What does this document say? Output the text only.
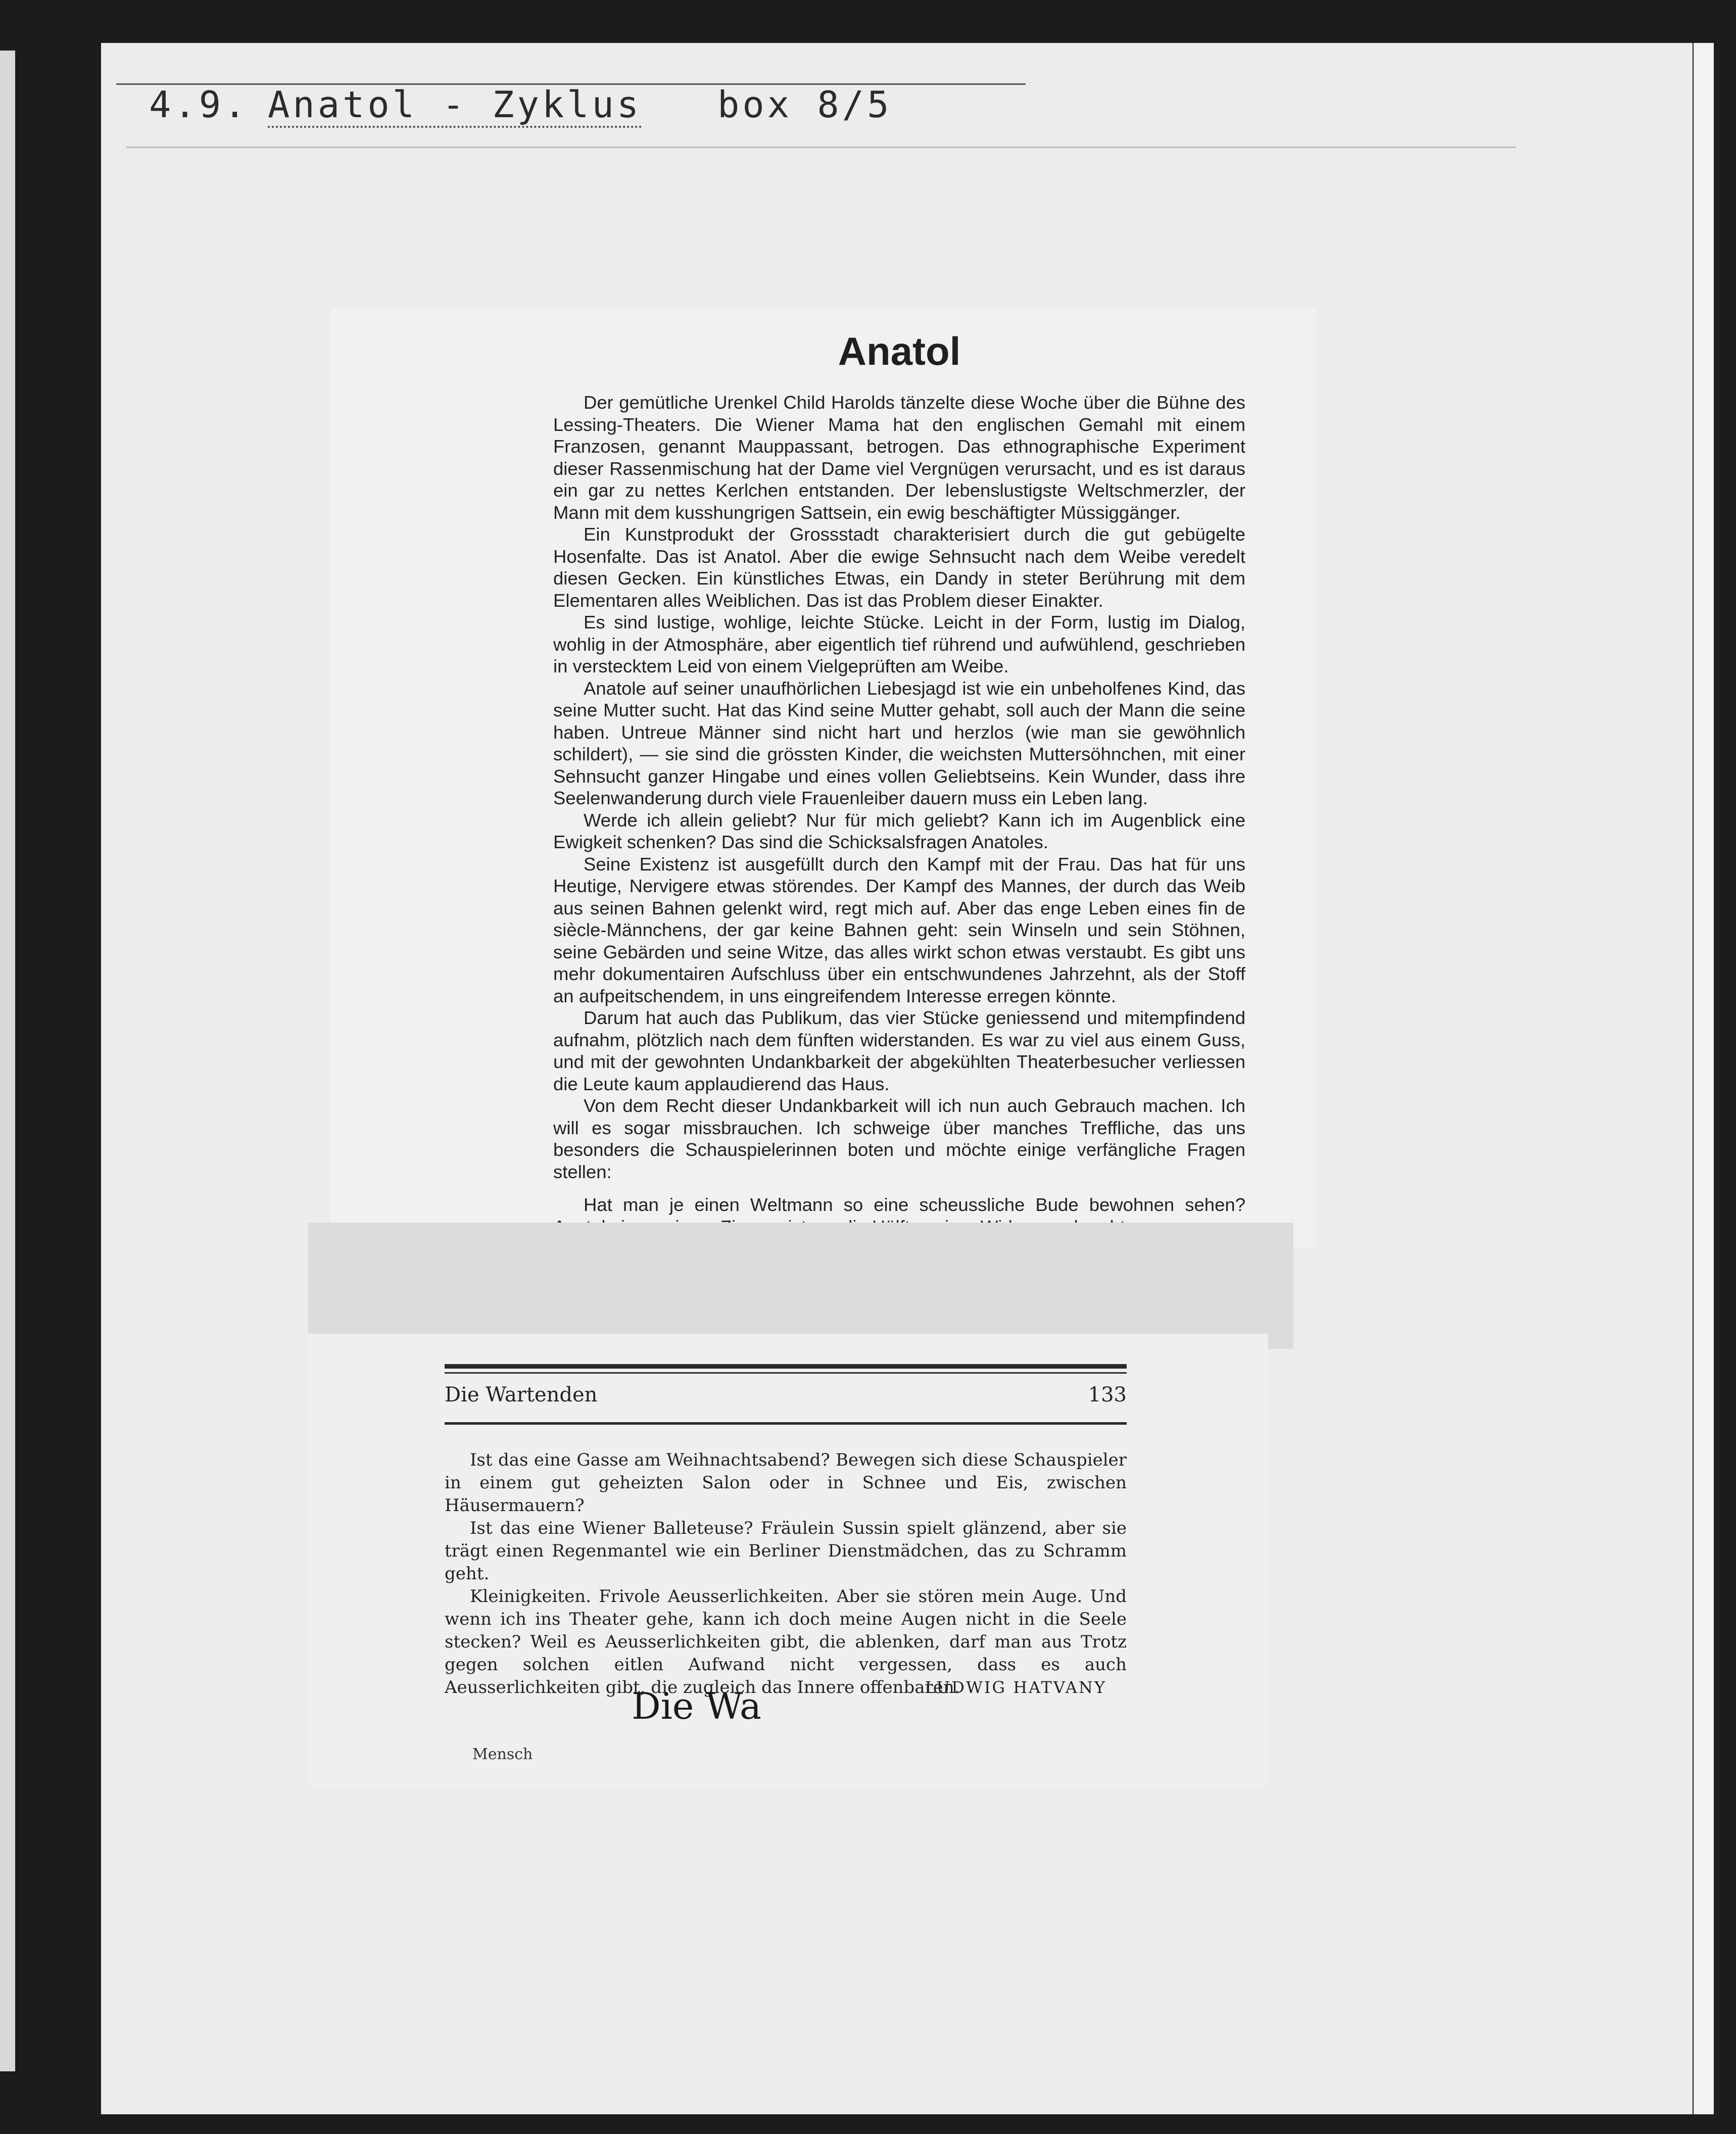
4.9. Anatol - Zyklus box 8/5
Anatol

Der gemütliche Urenkel Child Harolds tänzelte diese Woche über die Bühne des Lessing-Theaters. Die Wiener Mama hat den englischen Gemahl mit einem Franzosen, genannt Mauppassant, betrogen. Das ethnographische Experiment dieser Rassenmischung hat der Dame viel Vergnügen verursacht, und es ist daraus ein gar zu nettes Kerlchen entstanden. Der lebenslustigste Weltschmerzler, der Mann mit dem kusshungrigen Sattsein, ein ewig beschäftigter Müssiggänger.

Ein Kunstprodukt der Grossstadt charakterisiert durch die gut gebügelte Hosenfalte. Das ist Anatol. Aber die ewige Sehnsucht nach dem Weibe veredelt diesen Gecken. Ein künstliches Etwas, ein Dandy in steter Berührung mit dem Elementaren alles Weiblichen. Das ist das Problem dieser Einakter.

Es sind lustige, wohlige, leichte Stücke. Leicht in der Form, lustig im Dialog, wohlig in der Atmosphäre, aber eigentlich tief rührend und aufwühlend, geschrieben in verstecktem Leid von einem Vielgeprüften am Weibe.

Anatole auf seiner unaufhörlichen Liebesjagd ist wie ein unbeholfenes Kind, das seine Mutter sucht. Hat das Kind seine Mutter gehabt, soll auch der Mann die seine haben. Untreue Männer sind nicht hart und herzlos (wie man sie gewöhnlich schildert), — sie sind die grössten Kinder, die weichsten Muttersöhnchen, mit einer Sehnsucht ganzer Hingabe und eines vollen Geliebtseins. Kein Wunder, dass ihre Seelenwanderung durch viele Frauenleiber dauern muss ein Leben lang.

Werde ich allein geliebt? Nur für mich geliebt? Kann ich im Augenblick eine Ewigkeit schenken? Das sind die Schicksalsfragen Anatoles.

Seine Existenz ist ausgefüllt durch den Kampf mit der Frau. Das hat für uns Heutige, Nervigere etwas störendes. Der Kampf des Mannes, der durch das Weib aus seinen Bahnen gelenkt wird, regt mich auf. Aber das enge Leben eines fin de siècle-Männchens, der gar keine Bahnen geht: sein Winseln und sein Stöhnen, seine Gebärden und seine Witze, das alles wirkt schon etwas verstaubt. Es gibt uns mehr dokumentairen Aufschluss über ein entschwundenes Jahrzehnt, als der Stoff an aufpeitschendem, in uns eingreifendem Interesse erregen könnte.

Darum hat auch das Publikum, das vier Stücke geniessend und mitempfindend aufnahm, plötzlich nach dem fünften widerstanden. Es war zu viel aus einem Guss, und mit der gewohnten Undankbarkeit der abgekühlten Theaterbesucher verliessen die Leute kaum applaudierend das Haus.

Von dem Recht dieser Undankbarkeit will ich nun auch Gebrauch machen. Ich will es sogar missbrauchen. Ich schweige über manches Treffliche, das uns besonders die Schauspielerinnen boten und möchte einige verfängliche Fragen stellen:

Hat man je einen Weltmann so eine scheussliche Bude bewohnen sehen?

Die Wartenden	133

Ist das eine Gasse am Weihnachtsabend? Bewegen sich diese Schauspieler in einem gut geheizten Salon oder in Schnee und Eis, zwischen Häusermauern?

Ist das eine Wiener Balleteuse? Fräulein Sussin spielt glänzend, aber sie trägt einen Regenmantel wie ein Berliner Dienstmädchen, das zu Schramm geht.

Kleinigkeiten. Frivole Aeusserlichkeiten. Aber sie stören mein Auge. Und wenn ich ins Theater gehe, kann ich doch meine Augen nicht in die Seele stecken? Weil es Aeusserlichkeiten gibt, die ablenken, darf man aus Trotz gegen solchen eitlen Aufwand nicht vergessen, dass es auch Aeusserlichkeiten gibt, die zugleich das Innere offenbaren.

LUDWIG HATVANY
Die Wa
Mensch
